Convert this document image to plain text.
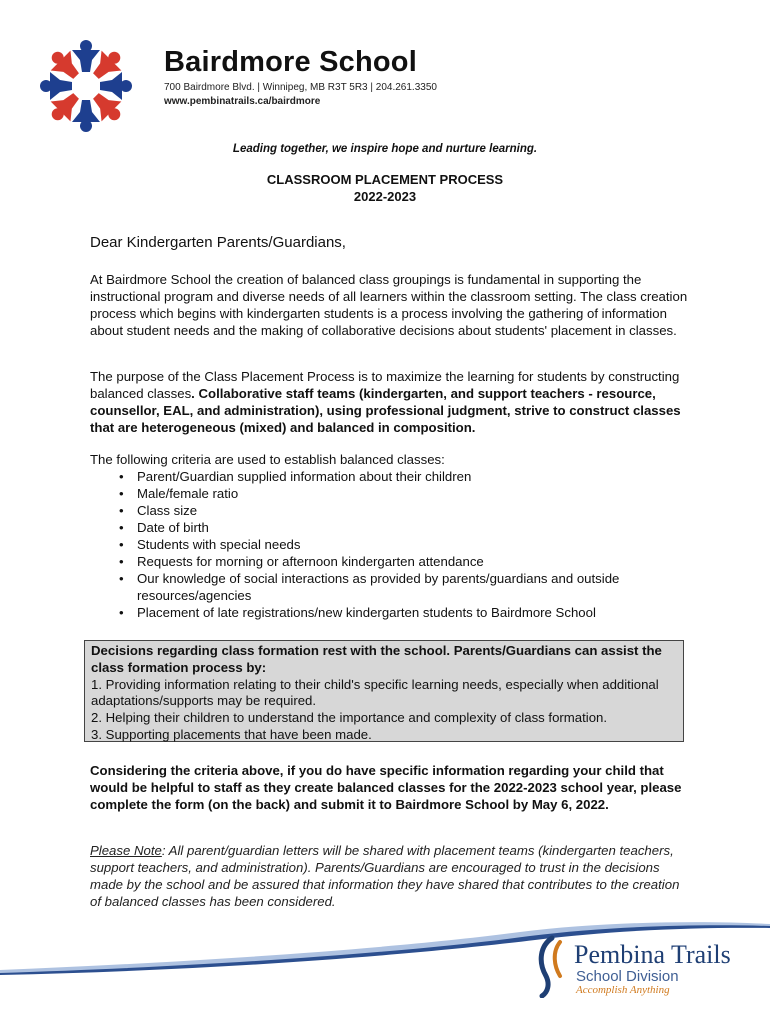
Bairdmore School
700 Bairdmore Blvd. | Winnipeg, MB R3T 5R3 | 204.261.3350
www.pembinatrails.ca/bairdmore
Leading together, we inspire hope and nurture learning.
CLASSROOM PLACEMENT PROCESS
2022-2023
Dear Kindergarten Parents/Guardians,
At Bairdmore School the creation of balanced class groupings is fundamental in supporting the instructional program and diverse needs of all learners within the classroom setting. The class creation process which begins with kindergarten students is a process involving the gathering of information about student needs and the making of collaborative decisions about students' placement in classes.
The purpose of the Class Placement Process is to maximize the learning for students by constructing balanced classes. Collaborative staff teams (kindergarten, and support teachers - resource, counsellor, EAL, and administration), using professional judgment, strive to construct classes that are heterogeneous (mixed) and balanced in composition.
The following criteria are used to establish balanced classes:
• Parent/Guardian supplied information about their children
• Male/female ratio
• Class size
• Date of birth
• Students with special needs
• Requests for morning or afternoon kindergarten attendance
• Our knowledge of social interactions as provided by parents/guardians and outside resources/agencies
• Placement of late registrations/new kindergarten students to Bairdmore School
Decisions regarding class formation rest with the school. Parents/Guardians can assist the class formation process by:
1. Providing information relating to their child's specific learning needs, especially when additional adaptations/supports may be required.
2. Helping their children to understand the importance and complexity of class formation.
3. Supporting placements that have been made.
Considering the criteria above, if you do have specific information regarding your child that would be helpful to staff as they create balanced classes for the 2022-2023 school year, please complete the form (on the back) and submit it to Bairdmore School by May 6, 2022.
Please Note: All parent/guardian letters will be shared with placement teams (kindergarten teachers, support teachers, and administration). Parents/Guardians are encouraged to trust in the decisions made by the school and be assured that information they have shared that contributes to the creation of balanced classes has been considered.
Pembina Trails
School Division
Accomplish Anything
